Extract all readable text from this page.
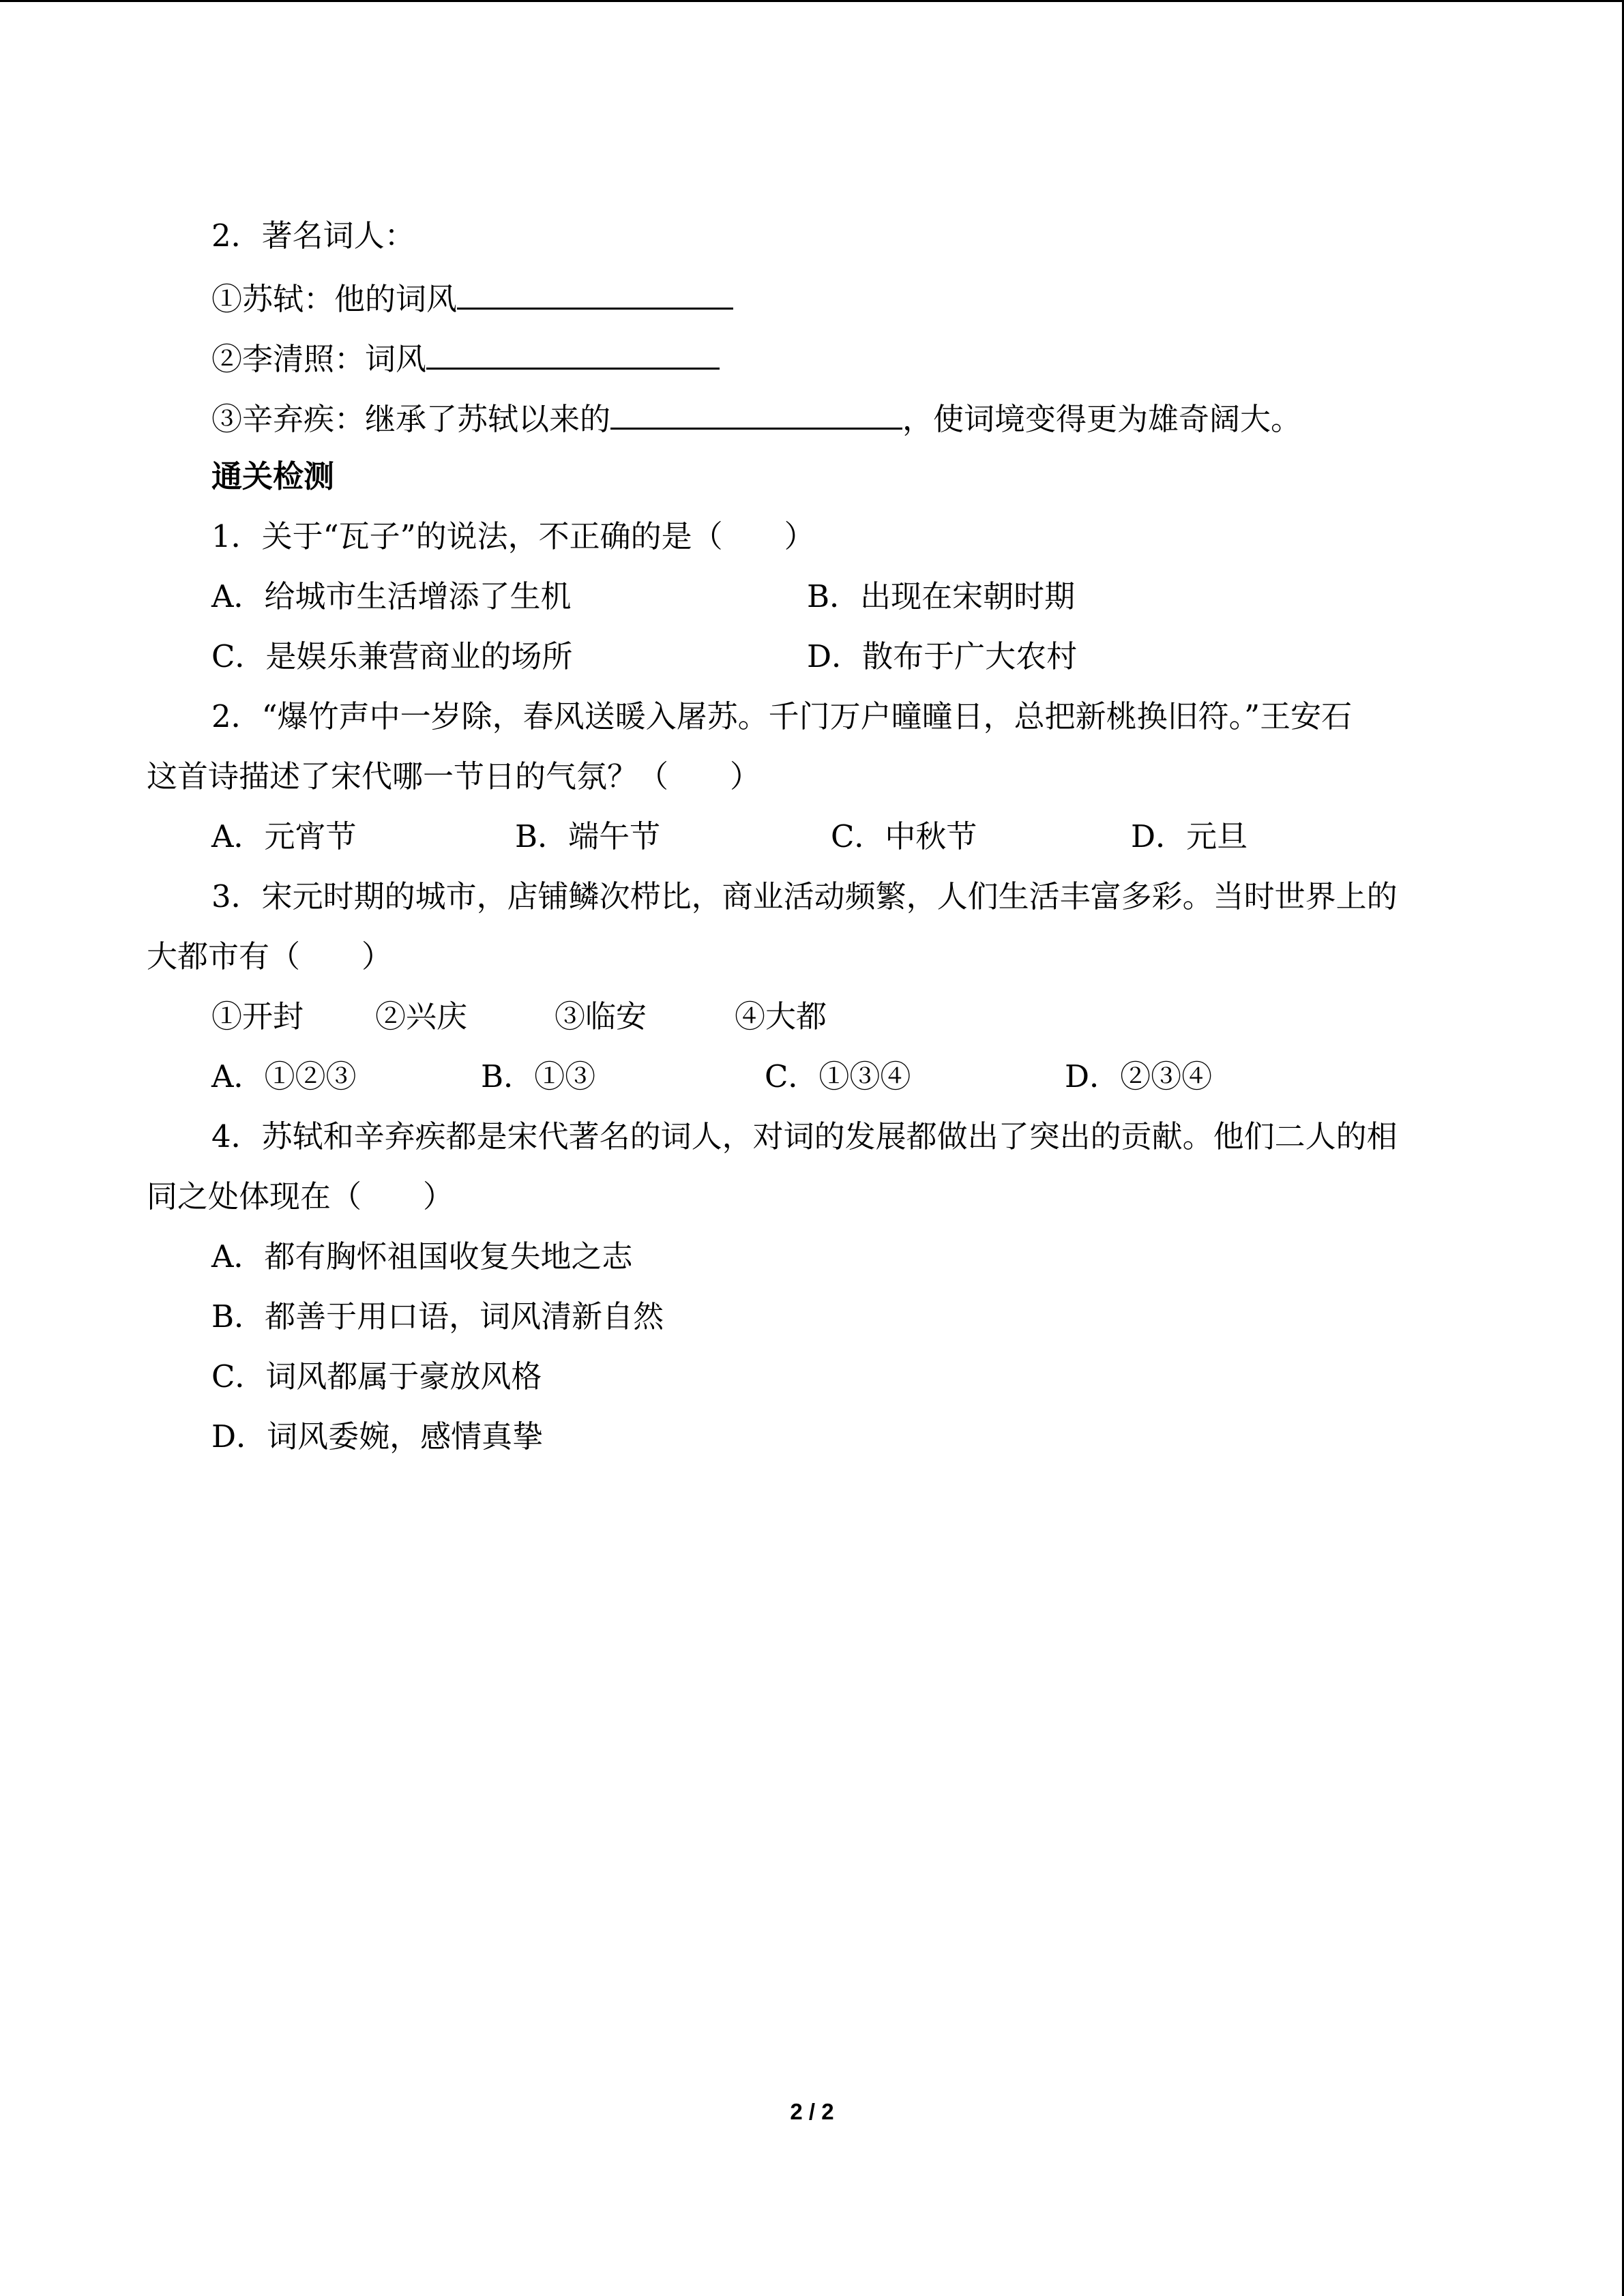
2．著名词人：
①苏轼：他的词风
②李清照：词风
③辛弃疾：继承了苏轼以来的	，使词境变得更为雄奇阔大。
通关检测
1．关于“瓦子”的说法，不正确的是（　　）
A．给城市生活增添了生机	B．出现在宋朝时期
C．是娱乐兼营商业的场所	D．散布于广大农村
2．“爆竹声中一岁除，春风送暖入屠苏。千门万户曈曈日，总把新桃换旧符。”王安石
这首诗描述了宋代哪一节日的气氛？（　　）
A．元宵节	B．端午节	C．中秋节	D．元旦
3．宋元时期的城市，店铺鳞次栉比，商业活动频繁，人们生活丰富多彩。当时世界上的
大都市有（　　）
①开封 ②兴庆	③临安	④大都
A．①②③	B．①③	C．①③④	D．②③④
4．苏轼和辛弃疾都是宋代著名的词人，对词的发展都做出了突出的贡献。他们二人的相
同之处体现在（　　）
A．都有胸怀祖国收复失地之志
B．都善于用口语，词风清新自然
C．词风都属于豪放风格
D．词风委婉，感情真挚
2 / 2
